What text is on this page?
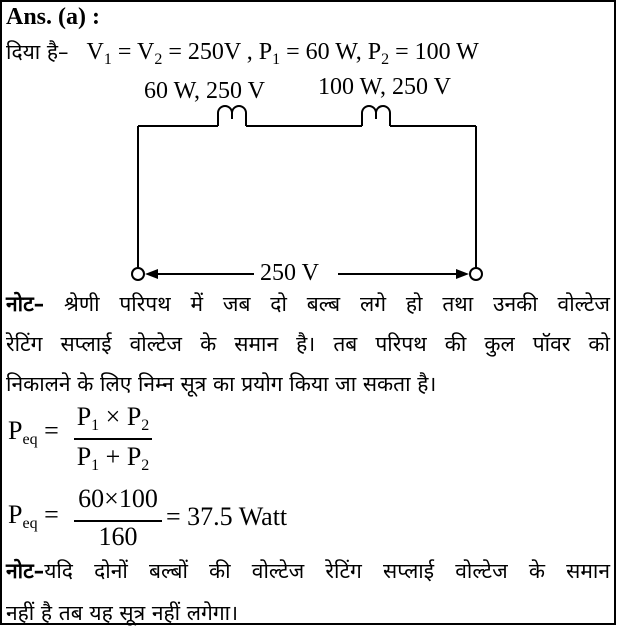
Ans. (a) :
दिया है– $V_1 = V_2 = 250V$ , $P_1 = 60$ W, $P_2 = 100$ W
60 W, 250 V 100 W, 250 V
250 V
नोट– श्रेणी परिपथ में जब दो बल्ब लगे हो तथा उनकी वोल्टेज
रेटिंग सप्लाई वोल्टेज के समान है। तब परिपथ की कुल पॉवर को
निकालने के लिए निम्न सूत्र का प्रयोग किया जा सकता है।
$P_{eq} = P_1 \times P_2$
$P_1 + P_2$
$P_{eq}$ =
60×100
160
= 37.5 Watt
नोट–यदि दोनों बल्बों की वोल्टेज रेटिंग सप्लाई वोल्टेज के समान
नहीं है तब यह सूत्र नहीं लगेगा।
